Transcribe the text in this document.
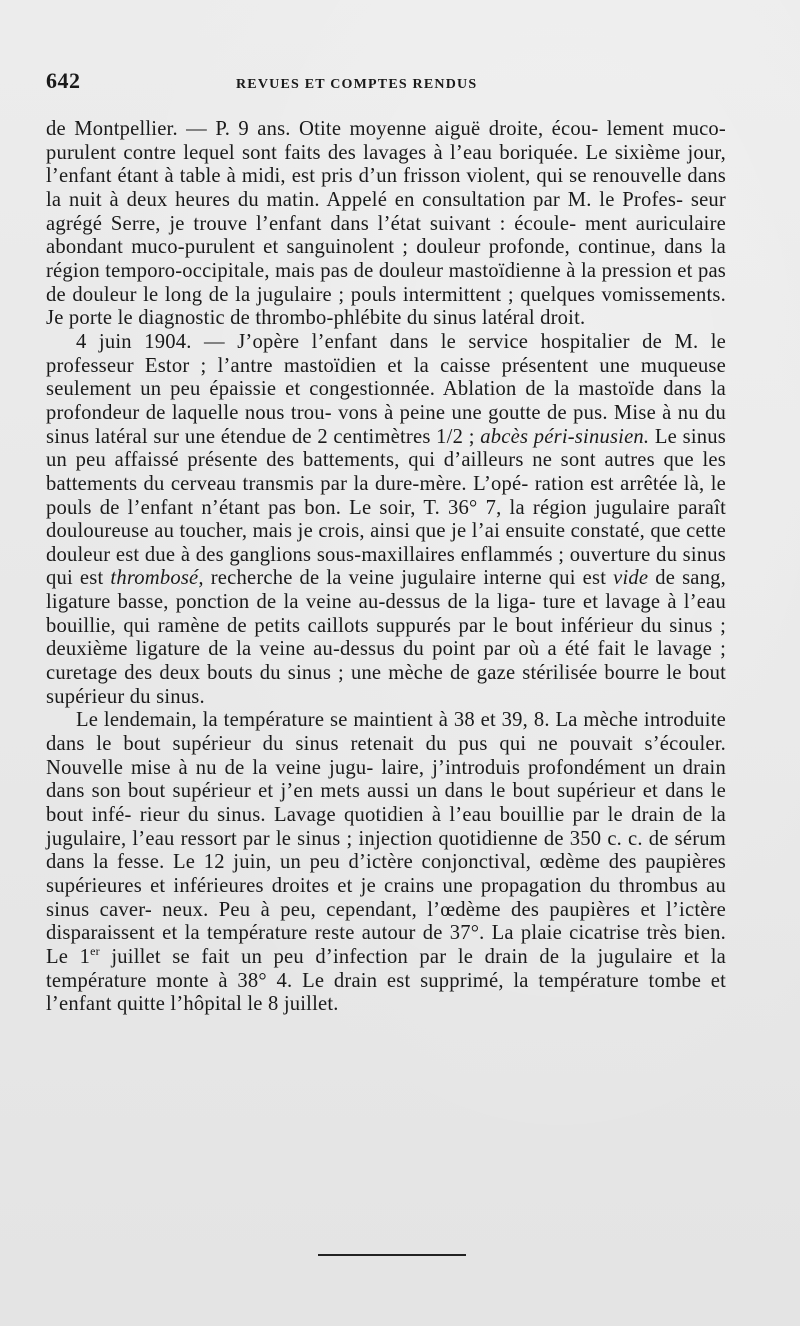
642	REVUES ET COMPTES RENDUS

de Montpellier. — P. 9 ans. Otite moyenne aiguë droite, écou- lement muco-purulent contre lequel sont faits des lavages à l’eau boriquée. Le sixième jour, l’enfant étant à table à midi, est pris d’un frisson violent, qui se renouvelle dans la nuit à deux heures du matin. Appelé en consultation par M. le Profes- seur agrégé Serre, je trouve l’enfant dans l’état suivant : écoule- ment auriculaire abondant muco-purulent et sanguinolent ; douleur profonde, continue, dans la région temporo-occipitale, mais pas de douleur mastoïdienne à la pression et pas de douleur le long de la jugulaire ; pouls intermittent ; quelques vomissements. Je porte le diagnostic de thrombo-phlébite du sinus latéral droit.

4 juin 1904. — J’opère l’enfant dans le service hospitalier de M. le professeur Estor ; l’antre mastoïdien et la caisse présentent une muqueuse seulement un peu épaissie et congestionnée. Ablation de la mastoïde dans la profondeur de laquelle nous trou- vons à peine une goutte de pus. Mise à nu du sinus latéral sur une étendue de 2 centimètres 1/2 ; abcès péri-sinusien. Le sinus un peu affaissé présente des battements, qui d’ailleurs ne sont autres que les battements du cerveau transmis par la dure-mère. L’opé- ration est arrêtée là, le pouls de l’enfant n’étant pas bon. Le soir, T. 36° 7, la région jugulaire paraît douloureuse au toucher, mais je crois, ainsi que je l’ai ensuite constaté, que cette douleur est due à des ganglions sous-maxillaires enflammés ; ouverture du sinus qui est thrombosé, recherche de la veine jugulaire interne qui est vide de sang, ligature basse, ponction de la veine au-dessus de la liga- ture et lavage à l’eau bouillie, qui ramène de petits caillots suppurés par le bout inférieur du sinus ; deuxième ligature de la veine au-dessus du point par où a été fait le lavage ; curetage des deux bouts du sinus ; une mèche de gaze stérilisée bourre le bout supérieur du sinus.

Le lendemain, la température se maintient à 38 et 39, 8. La mèche introduite dans le bout supérieur du sinus retenait du pus qui ne pouvait s’écouler. Nouvelle mise à nu de la veine jugu- laire, j’introduis profondément un drain dans son bout supérieur et j’en mets aussi un dans le bout supérieur et dans le bout infé- rieur du sinus. Lavage quotidien à l’eau bouillie par le drain de la jugulaire, l’eau ressort par le sinus ; injection quotidienne de 350 c. c. de sérum dans la fesse. Le 12 juin, un peu d’ictère conjonctival, œdème des paupières supérieures et inférieures droites et je crains une propagation du thrombus au sinus caver- neux. Peu à peu, cependant, l’œdème des paupières et l’ictère disparaissent et la température reste autour de 37°. La plaie cicatrise très bien. Le 1er juillet se fait un peu d’infection par le drain de la jugulaire et la température monte à 38° 4. Le drain est supprimé, la température tombe et l’enfant quitte l’hôpital le 8 juillet.
